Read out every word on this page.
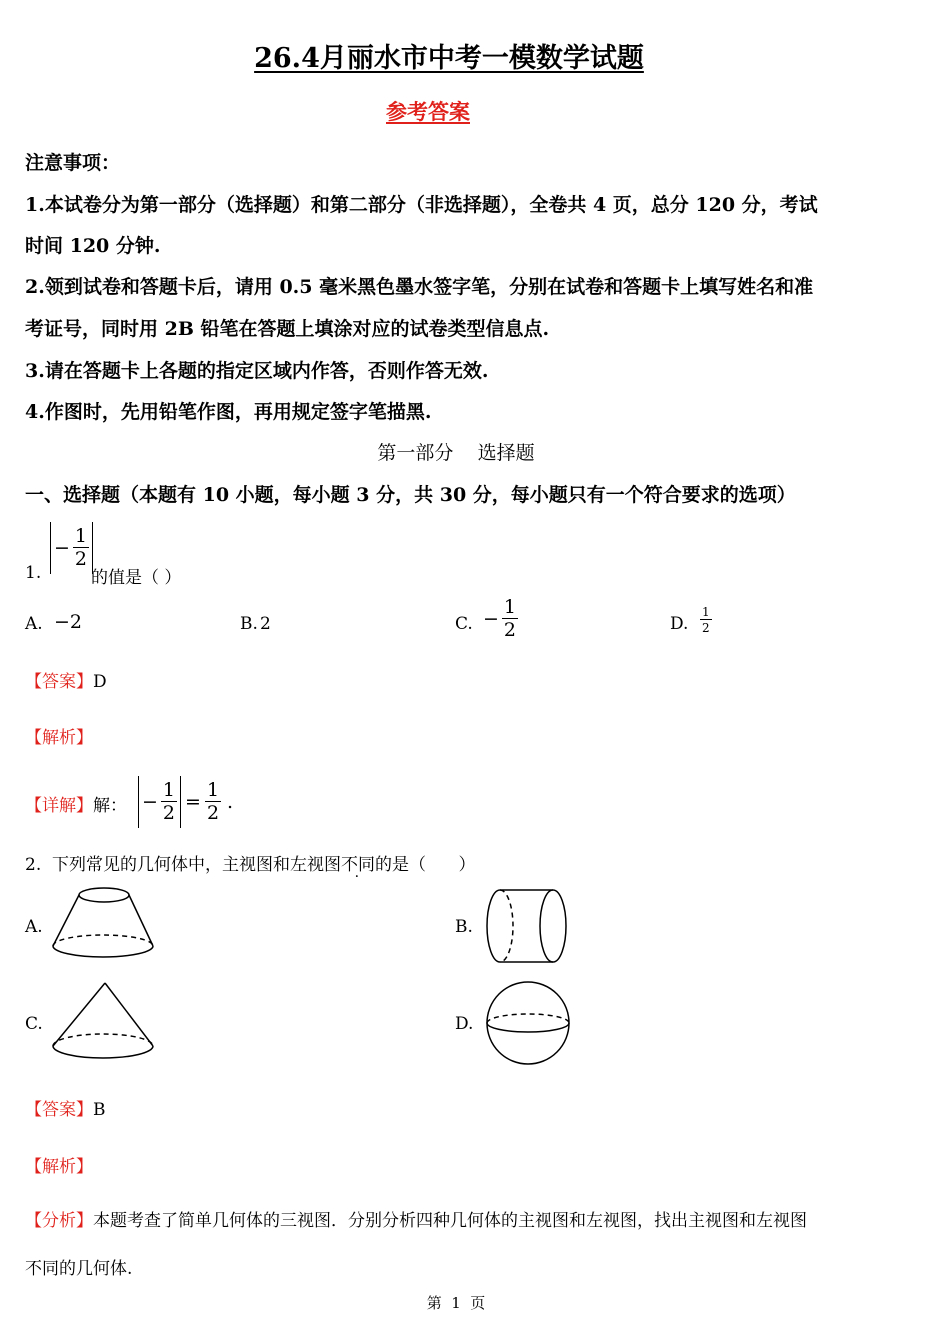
26.4月丽水市中考一模数学试题
参考答案
注意事项：
1.本试卷分为第一部分（选择题）和第二部分（非选择题），全卷共 4 页，总分 120 分，考试
时间 120 分钟.
2.领到试卷和答题卡后，请用 0.5 毫米黑色墨水签字笔，分别在试卷和答题卡上填写姓名和准
考证号，同时用 2B 铅笔在答题上填涂对应的试卷类型信息点.
3.请在答题卡上各题的指定区域内作答，否则作答无效.
4.作图时，先用铅笔作图，再用规定签字笔描黑.
第一部分    选择题
一、选择题（本题有 10 小题，每小题 3 分，共 30 分，每小题只有一个符合要求的选项）
1.
− $\frac{1}{2}$
的值是（ ）
A. −2	B. 2	C. − $\frac{1}{2}$	D. $\frac{1}{2}$
【答案】D
【解析】
【详解】解： − $\frac{1}{2} = \frac{1}{2}$ .
2.  下列常见的几何体中，主视图和左视图不同的是（      ）
A.	B.
C.	D.
【答案】B
【解析】
【分析】本题考查了简单几何体的三视图．分别分析四种几何体的主视图和左视图，找出主视图和左视图
不同的几何体.
第  1  页
